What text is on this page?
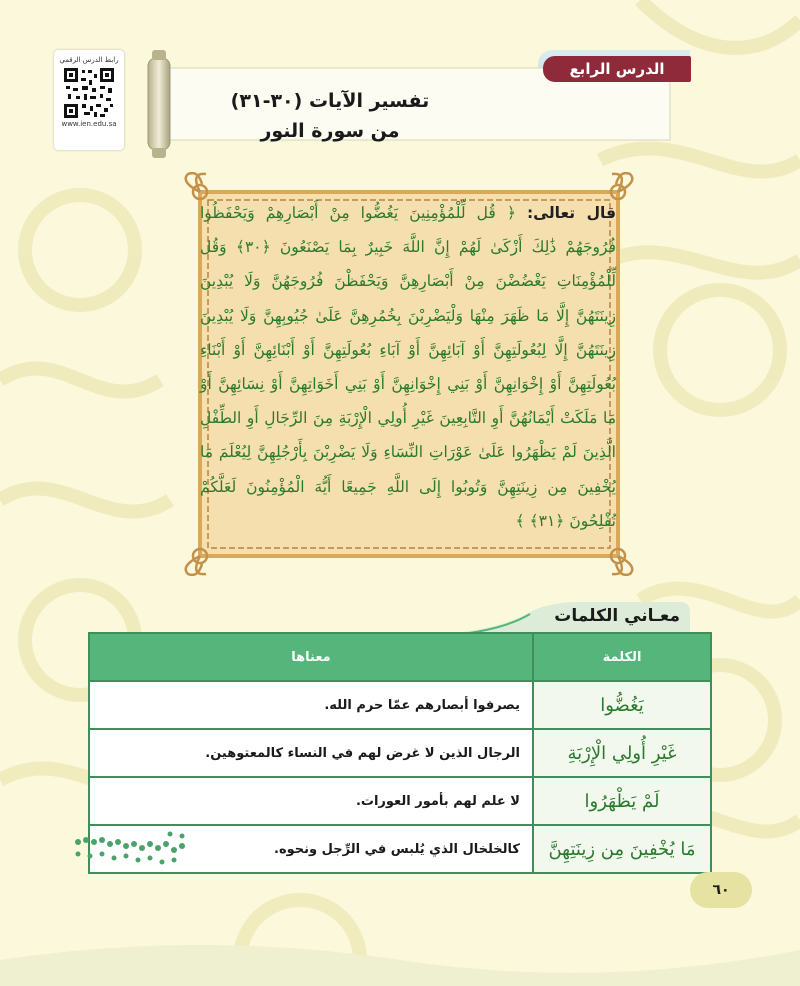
رابط الدرس الرقمي
www.ien.edu.sa
الدرس الرابع
تفسير الآيات (٣٠-٣١)
من سورة النور
قال تعالى: ﴿ قُل لِّلْمُؤْمِنِينَ يَغُضُّوا مِنْ أَبْصَارِهِمْ وَيَحْفَظُوا فُرُوجَهُمْ ذَٰلِكَ أَزْكَىٰ لَهُمْ إِنَّ اللَّهَ خَبِيرٌ بِمَا يَصْنَعُونَ ﴿٣٠﴾ وَقُل لِّلْمُؤْمِنَاتِ يَغْضُضْنَ مِنْ أَبْصَارِهِنَّ وَيَحْفَظْنَ فُرُوجَهُنَّ وَلَا يُبْدِينَ زِينَتَهُنَّ إِلَّا مَا ظَهَرَ مِنْهَا وَلْيَضْرِبْنَ بِخُمُرِهِنَّ عَلَىٰ جُيُوبِهِنَّ وَلَا يُبْدِينَ زِينَتَهُنَّ إِلَّا لِبُعُولَتِهِنَّ أَوْ آبَائِهِنَّ أَوْ آبَاءِ بُعُولَتِهِنَّ أَوْ أَبْنَائِهِنَّ أَوْ أَبْنَاءِ بُعُولَتِهِنَّ أَوْ إِخْوَانِهِنَّ أَوْ بَنِي إِخْوَانِهِنَّ أَوْ بَنِي أَخَوَاتِهِنَّ أَوْ نِسَائِهِنَّ أَوْ مَا مَلَكَتْ أَيْمَانُهُنَّ أَوِ التَّابِعِينَ غَيْرِ أُولِي الْإِرْبَةِ مِنَ الرِّجَالِ أَوِ الطِّفْلِ الَّذِينَ لَمْ يَظْهَرُوا عَلَىٰ عَوْرَاتِ النِّسَاءِ وَلَا يَضْرِبْنَ بِأَرْجُلِهِنَّ لِيُعْلَمَ مَا يُخْفِينَ مِن زِينَتِهِنَّ وَتُوبُوا إِلَى اللَّهِ جَمِيعًا أَيُّهَ الْمُؤْمِنُونَ لَعَلَّكُمْ تُفْلِحُونَ ﴿٣١﴾ ﴾
معـاني الكلمات
الكلمة	معناها
يَغُضُّوا	يصرفوا أبصارهم عمّا حرم الله.
غَيْرِ أُولِي الْإِرْبَةِ	الرجال الذين لا غرض لهم في النساء كالمعتوهين.
لَمْ يَظْهَرُوا	لا علم لهم بأمور العورات.
مَا يُخْفِينَ مِن زِينَتِهِنَّ	كالخلخال الذي يُلبس في الرِّجل ونحوه.
٦٠
